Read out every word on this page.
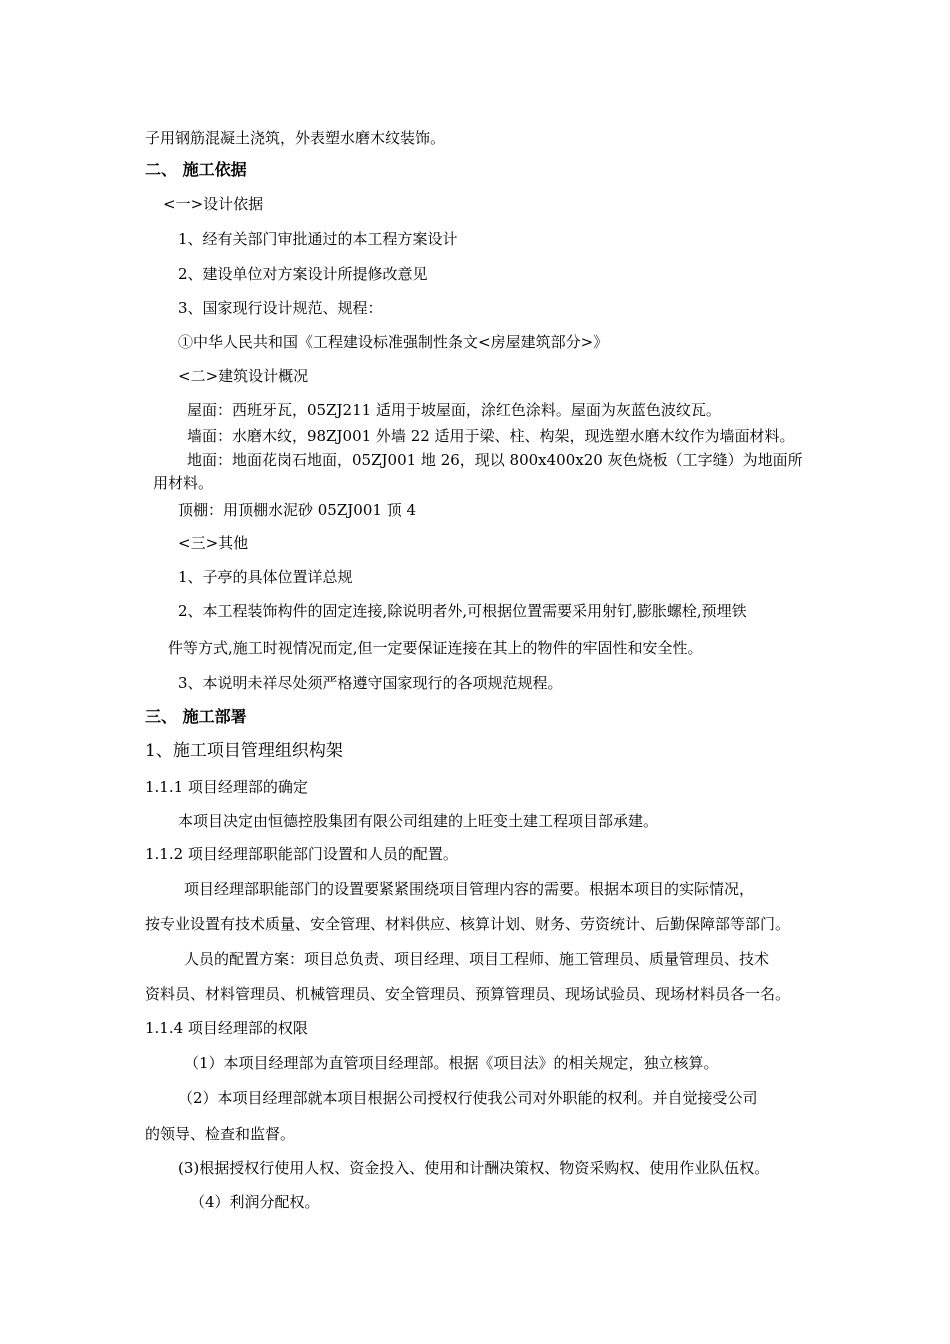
子用钢筋混凝土浇筑，外表塑水磨木纹装饰。
二、 施工依据
<一>设计依据
1、经有关部门审批通过的本工程方案设计
2、建设单位对方案设计所提修改意见
3、国家现行设计规范、规程：
①中华人民共和国《工程建设标准强制性条文<房屋建筑部分>》
<二>建筑设计概况
屋面：西班牙瓦，05ZJ211 适用于坡屋面，涂红色涂料。屋面为灰蓝色波纹瓦。
墙面：水磨木纹，98ZJ001 外墙 22 适用于梁、柱、构架，现选塑水磨木纹作为墙面材料。
地面：地面花岗石地面，05ZJ001 地 26，现以 800x400x20 灰色烧板（工字缝）为地面所
用材料。
顶棚：用顶棚水泥砂 05ZJ001 顶 4
<三>其他
1、子亭的具体位置详总规
2、本工程装饰构件的固定连接,除说明者外,可根据位置需要采用射钉,膨胀螺栓,预埋铁
件等方式,施工时视情况而定,但一定要保证连接在其上的物件的牢固性和安全性。
3、本说明未祥尽处须严格遵守国家现行的各项规范规程。
三、 施工部署
1、施工项目管理组织构架
1.1.1 项目经理部的确定
本项目决定由恒德控股集团有限公司组建的上旺变土建工程项目部承建。
1.1.2 项目经理部职能部门设置和人员的配置。
项目经理部职能部门的设置要紧紧围绕项目管理内容的需要。根据本项目的实际情况，
按专业设置有技术质量、安全管理、材料供应、核算计划、财务、劳资统计、后勤保障部等部门。
人员的配置方案：项目总负责、项目经理、项目工程师、施工管理员、质量管理员、技术
资料员、材料管理员、机械管理员、安全管理员、预算管理员、现场试验员、现场材料员各一名。
1.1.4 项目经理部的权限
（1）本项目经理部为直管项目经理部。根据《项目法》的相关规定，独立核算。
（2）本项目经理部就本项目根据公司授权行使我公司对外职能的权利。并自觉接受公司
的领导、检查和监督。
(3)根据授权行使用人权、资金投入、使用和计酬决策权、物资采购权、使用作业队伍权。
（4）利润分配权。
